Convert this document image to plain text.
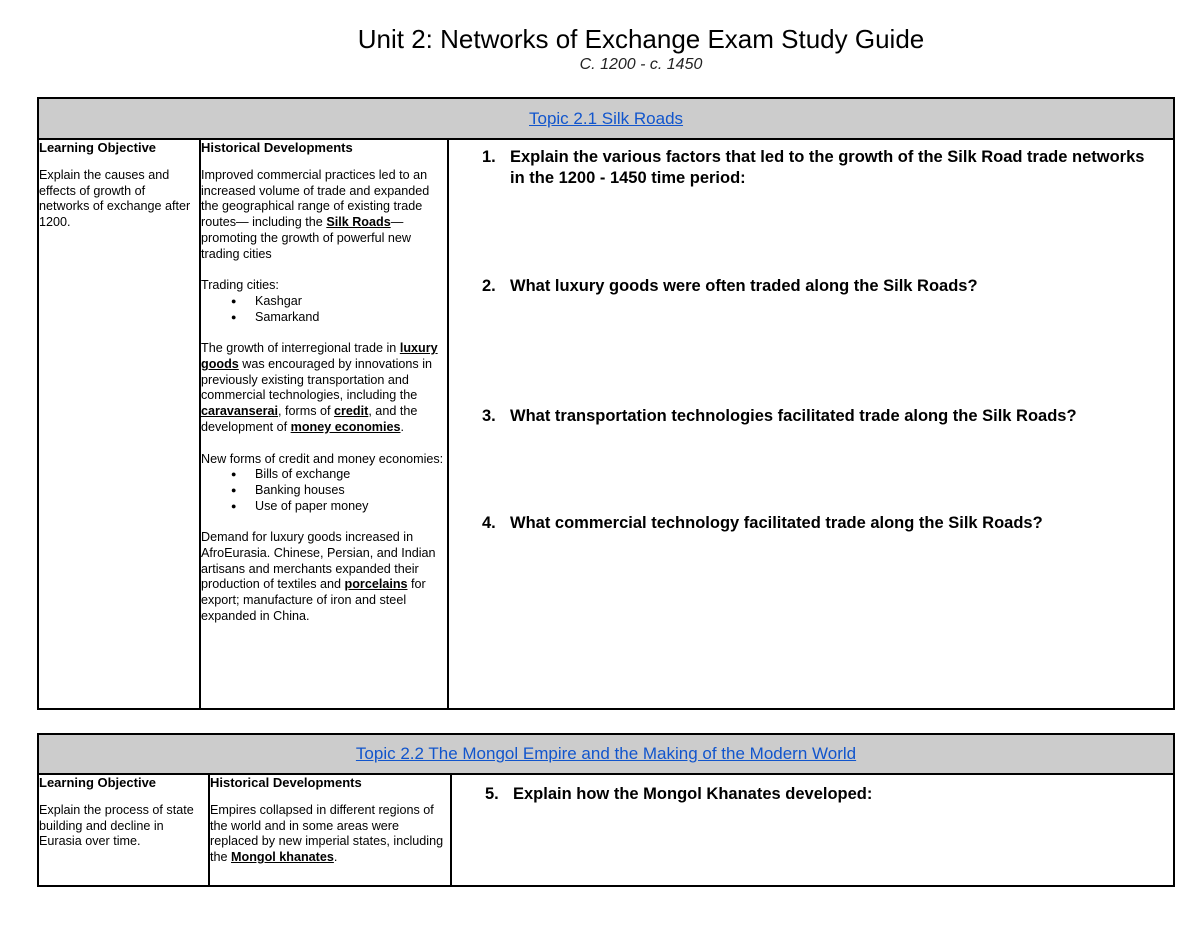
Unit 2: Networks of Exchange Exam Study Guide
C. 1200 - c. 1450
Topic 2.1 Silk Roads

Learning Objective
Explain the causes and effects of growth of networks of exchange after 1200.

Historical Developments

Improved commercial practices led to an increased volume of trade and expanded the geographical range of existing trade routes— including the Silk Roads—promoting the growth of powerful new trading cities

Trading cities:
● Kashgar
● Samarkand

The growth of interregional trade in luxury goods was encouraged by innovations in previously existing transportation and commercial technologies, including the caravanserai, forms of credit, and the development of money economies.

New forms of credit and money economies:
● Bills of exchange
● Banking houses
● Use of paper money

Demand for luxury goods increased in AfroEurasia. Chinese, Persian, and Indian artisans and merchants expanded their production of textiles and porcelains for export; manufacture of iron and steel expanded in China.

1. Explain the various factors that led to the growth of the Silk Road trade networks in the 1200 - 1450 time period:
2. What luxury goods were often traded along the Silk Roads?
3. What transportation technologies facilitated trade along the Silk Roads?
4. What commercial technology facilitated trade along the Silk Roads?
Topic 2.2 The Mongol Empire and the Making of the Modern World

Learning Objective
Explain the process of state building and decline in Eurasia over time.

Historical Developments

Empires collapsed in different regions of the world and in some areas were replaced by new imperial states, including the Mongol khanates.

5. Explain how the Mongol Khanates developed:
